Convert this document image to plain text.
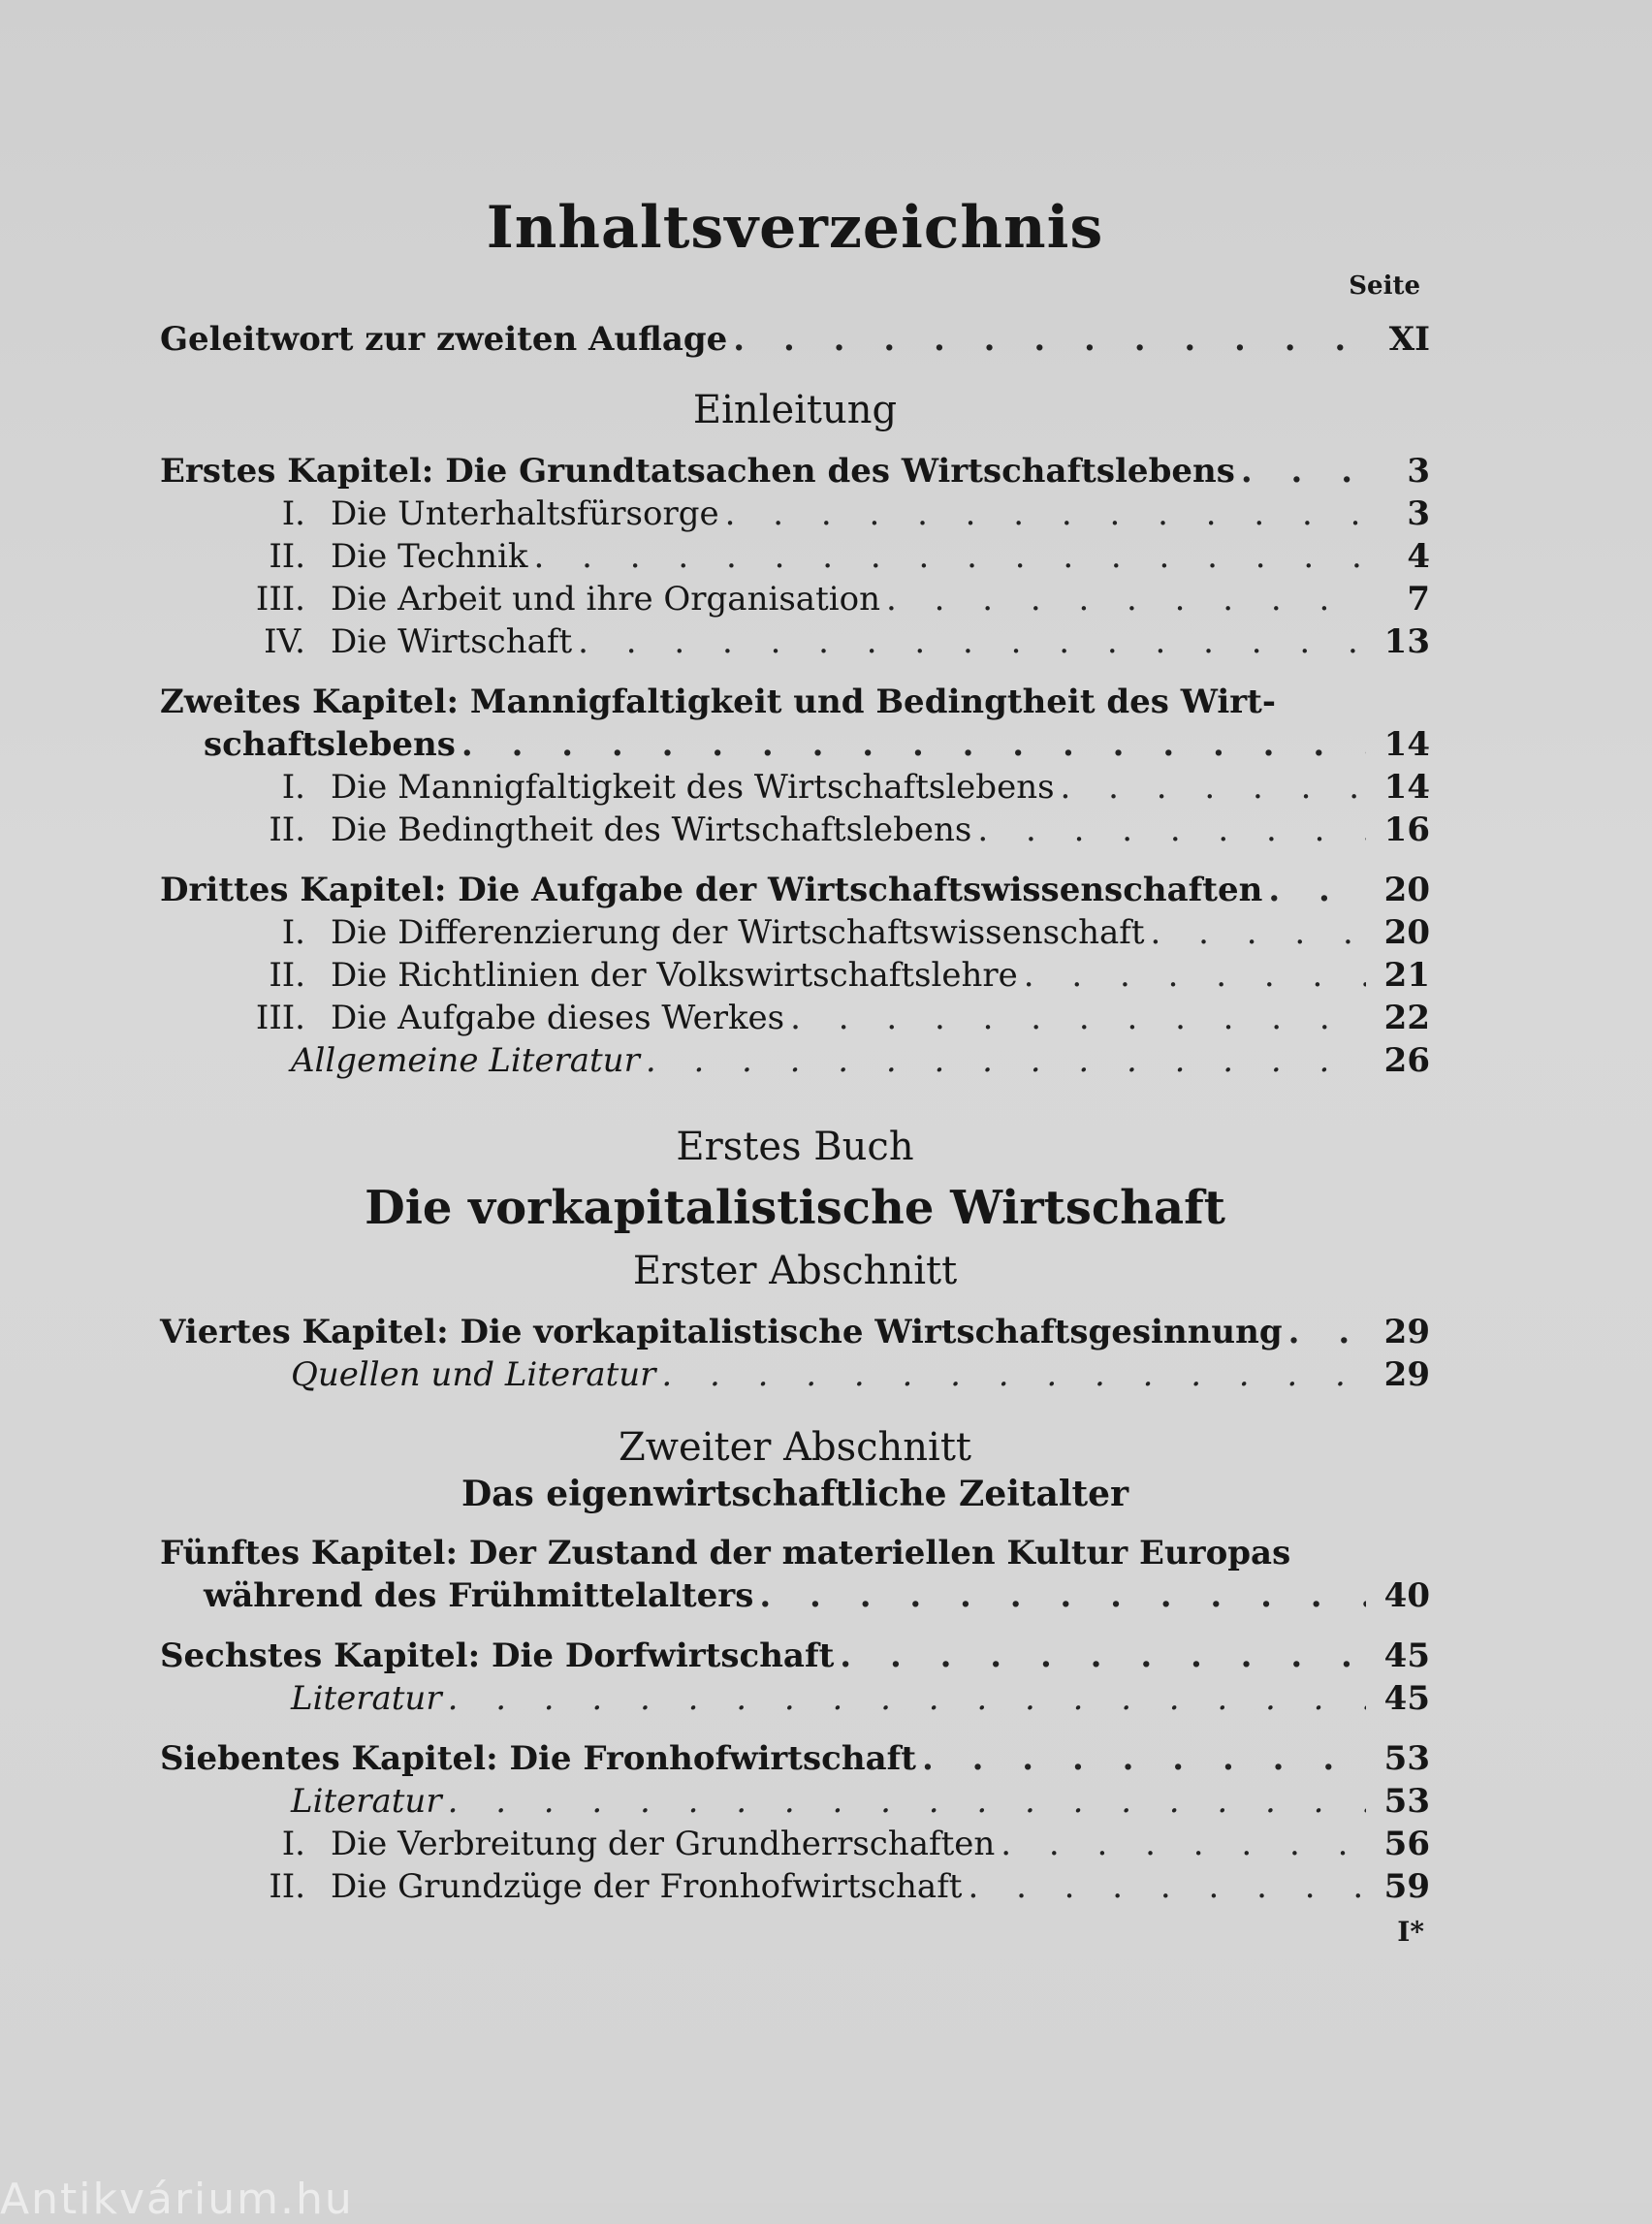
Inhaltsverzeichnis
Seite
Geleitwort zur zweiten Auflage . . .	XI
Einleitung
Erstes Kapitel: Die Grundtatsachen des Wirtschaftslebens . . .	3
I. Die Unterhaltsfürsorge . . .	3
II. Die Technik . . .	4
III. Die Arbeit und ihre Organisation . . .	7
IV. Die Wirtschaft . . .	13
Zweites Kapitel: Mannigfaltigkeit und Bedingtheit des Wirt-
schaftslebens . . .	14
I. Die Mannigfaltigkeit des Wirtschaftslebens . . .	14
II. Die Bedingtheit des Wirtschaftslebens . . .	16
Drittes Kapitel: Die Aufgabe der Wirtschaftswissenschaften . . .	20
I. Die Differenzierung der Wirtschaftswissenschaft . . .	20
II. Die Richtlinien der Volkswirtschaftslehre . . .	21
III. Die Aufgabe dieses Werkes . . .	22
Allgemeine Literatur . . .	26
Erstes Buch
Die vorkapitalistische Wirtschaft
Erster Abschnitt
Viertes Kapitel: Die vorkapitalistische Wirtschaftsgesinnung . . .	29
Quellen und Literatur . . .	29
Zweiter Abschnitt
Das eigenwirtschaftliche Zeitalter
Fünftes Kapitel: Der Zustand der materiellen Kultur Europas
während des Frühmittelalters . . .	40
Sechstes Kapitel: Die Dorfwirtschaft . . .	45
Literatur . . .	45
Siebentes Kapitel: Die Fronhofwirtschaft . . .	53
Literatur . . .	53
I. Die Verbreitung der Grundherrschaften . . .	56
II. Die Grundzüge der Fronhofwirtschaft . . .	59
I*
Antikvárium.hu
